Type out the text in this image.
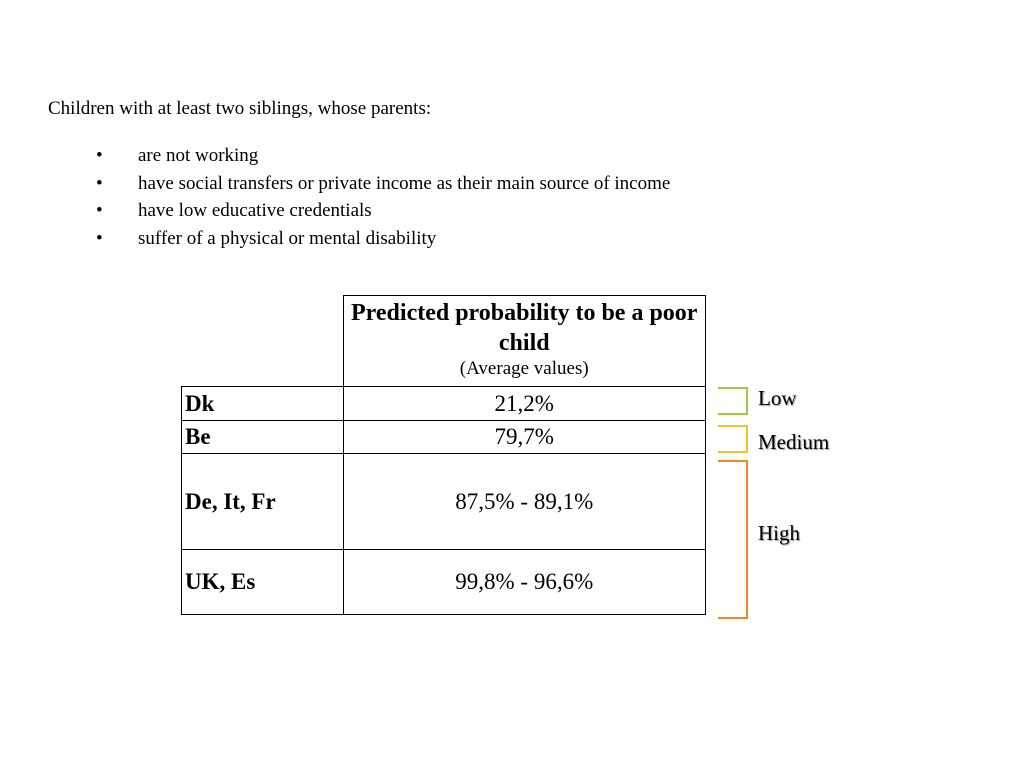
Children with at least two siblings, whose parents:

• are not working
• have social transfers or private income as their main source of income
• have low educative credentials
• suffer of a physical or mental disability
	Predicted probability to be a poor child
(Average values)

Dk	21,2%
Be	79,7%
De, It, Fr	87,5% - 89,1%
UK, Es	99,8% - 96,6%
Low
Medium
High
